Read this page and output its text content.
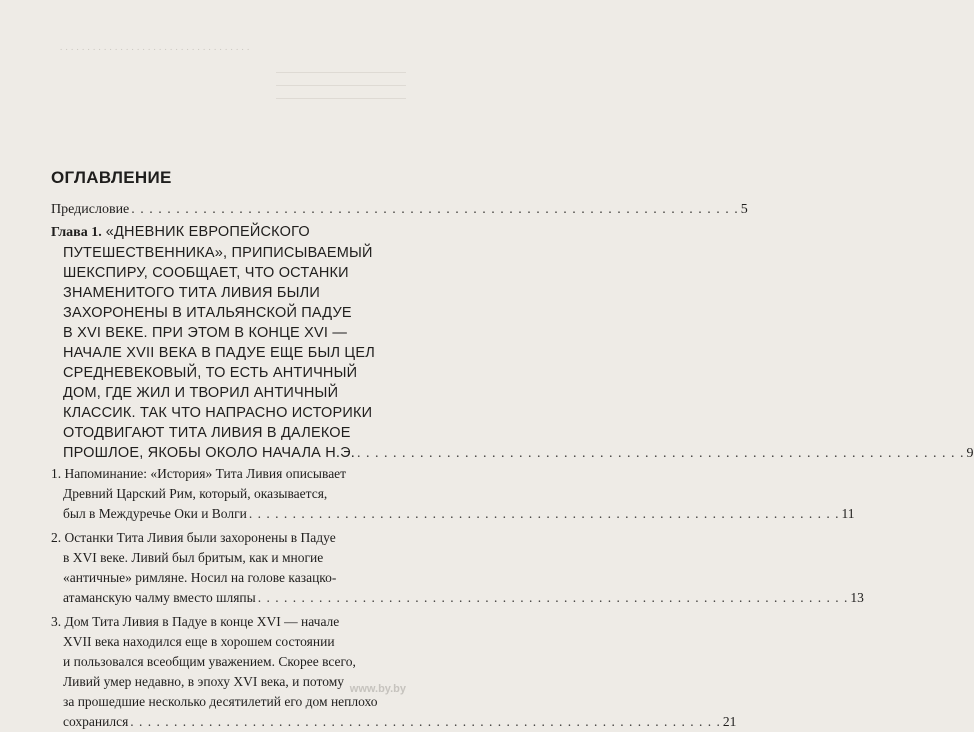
. . . . . . . . . . . . . . . . . . . . . . . . . . . . . . . . . . .
ОГЛАВЛЕНИЕ
Предисловие . . . . . . . . . . . . . . . . . . . . . . . . . . . . . . . . . . . . . . . . . . . . . . . . . . . . . . . . . . . . . . . . . . . . 5
Глава 1. «ДНЕВНИК ЕВРОПЕЙСКОГО
ПУТЕШЕСТВЕННИКА», ПРИПИСЫВАЕМЫЙ
ШЕКСПИРУ, СООБЩАЕТ, ЧТО ОСТАНКИ
ЗНАМЕНИТОГО ТИТА ЛИВИЯ БЫЛИ
ЗАХОРОНЕНЫ В ИТАЛЬЯНСКОЙ ПАДУЕ
В XVI ВЕКЕ. ПРИ ЭТОМ В КОНЦЕ XVI —
НАЧАЛЕ XVII ВЕКА В ПАДУЕ ЕЩЕ БЫЛ ЦЕЛ
СРЕДНЕВЕКОВЫЙ, ТО ЕСТЬ АНТИЧНЫЙ
ДОМ, ГДЕ ЖИЛ И ТВОРИЛ АНТИЧНЫЙ
КЛАССИК. ТАК ЧТО НАПРАСНО ИСТОРИКИ
ОТОДВИГАЮТ ТИТА ЛИВИЯ В ДАЛЕКОЕ
ПРОШЛОЕ, ЯКОБЫ ОКОЛО НАЧАЛА Н.Э. . . . . . . . . . . . . . . . . . . . . . . . . . . . . . . . . . . . . . . . . . . . . . . . . . . . . . . . . . . . . . . . . . . . . 9
1. Напоминание: «История» Тита Ливия описывает
Древний Царский Рим, который, оказывается,
был в Междуречье Оки и Волги . . . . . . . . . . . . . . . . . . . . . . . . . . . . . . . . . . . . . . . . . . . . . . . . . . . . . . . . . . . . . . . . . . . . 11
2. Останки Тита Ливия были захоронены в Падуе
в XVI веке. Ливий был бритым, как и многие
«античные» римляне. Носил на голове казацко-
атаманскую чалму вместо шляпы . . . . . . . . . . . . . . . . . . . . . . . . . . . . . . . . . . . . . . . . . . . . . . . . . . . . . . . . . . . . . . . . . . . . 13
3. Дом Тита Ливия в Падуе в конце XVI — начале
XVII века находился еще в хорошем состоянии
и пользовался всеобщим уважением. Скорее всего,
Ливий умер недавно, в эпоху XVI века, и потому
за прошедшие несколько десятилетий его дом неплохо
сохранился . . . . . . . . . . . . . . . . . . . . . . . . . . . . . . . . . . . . . . . . . . . . . . . . . . . . . . . . . . . . . . . . . . . . 21
www.by.by
